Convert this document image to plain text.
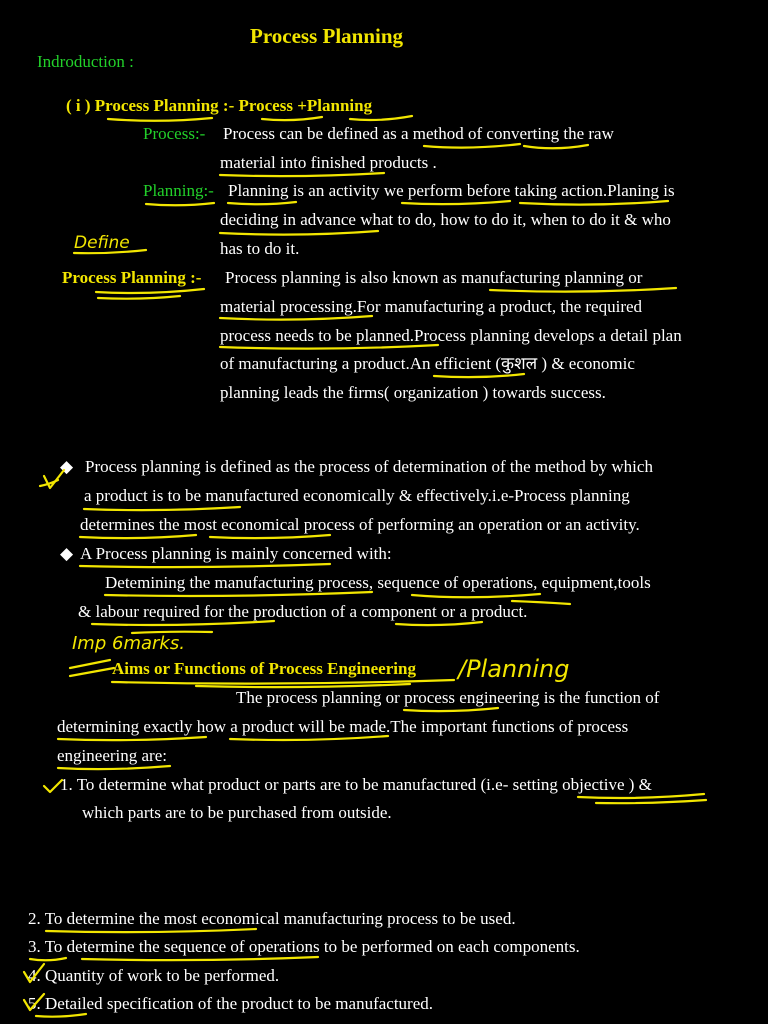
Process Planning
Indroduction :
( i ) Process Planning :- Process +Planning
Process:- Process can be defined as a method of converting the raw
material into finished products .
Planning:- Planning is an activity we perform before taking action.Planing is
deciding in advance what to do, how to do it, when to do it & who
has to do it.
Process Planning :- Process planning is also known as manufacturing planning or
material processing.For manufacturing a product, the required
process needs to be planned.Process planning develops a detail plan
of manufacturing a product.An efficient (कुशल ) & economic
planning leads the firms( organization ) towards success.
◆ Process planning is defined as the process of determination of the method by which
a product is to be manufactured economically & effectively.i.e-Process planning
determines the most economical process of performing an operation or an activity.
◆ A Process planning is mainly concerned with:
Detemining the manufacturing process, sequence of operations, equipment,tools
& labour required for the production of a component or a product.
Aims or Functions of Process Engineering
The process planning or process engineering is the function of
determining exactly how a product will be made.The important functions of process
engineering are:
1. To determine what product or parts are to be manufactured (i.e- setting objective ) &
which parts are to be purchased from outside.
2. To determine the most economical manufacturing process to be used.
3. To determine the sequence of operations to be performed on each components.
4. Quantity of work to be performed.
5. Detailed specification of the product to be manufactured.
Define
Imp 6marks.
/Planning
